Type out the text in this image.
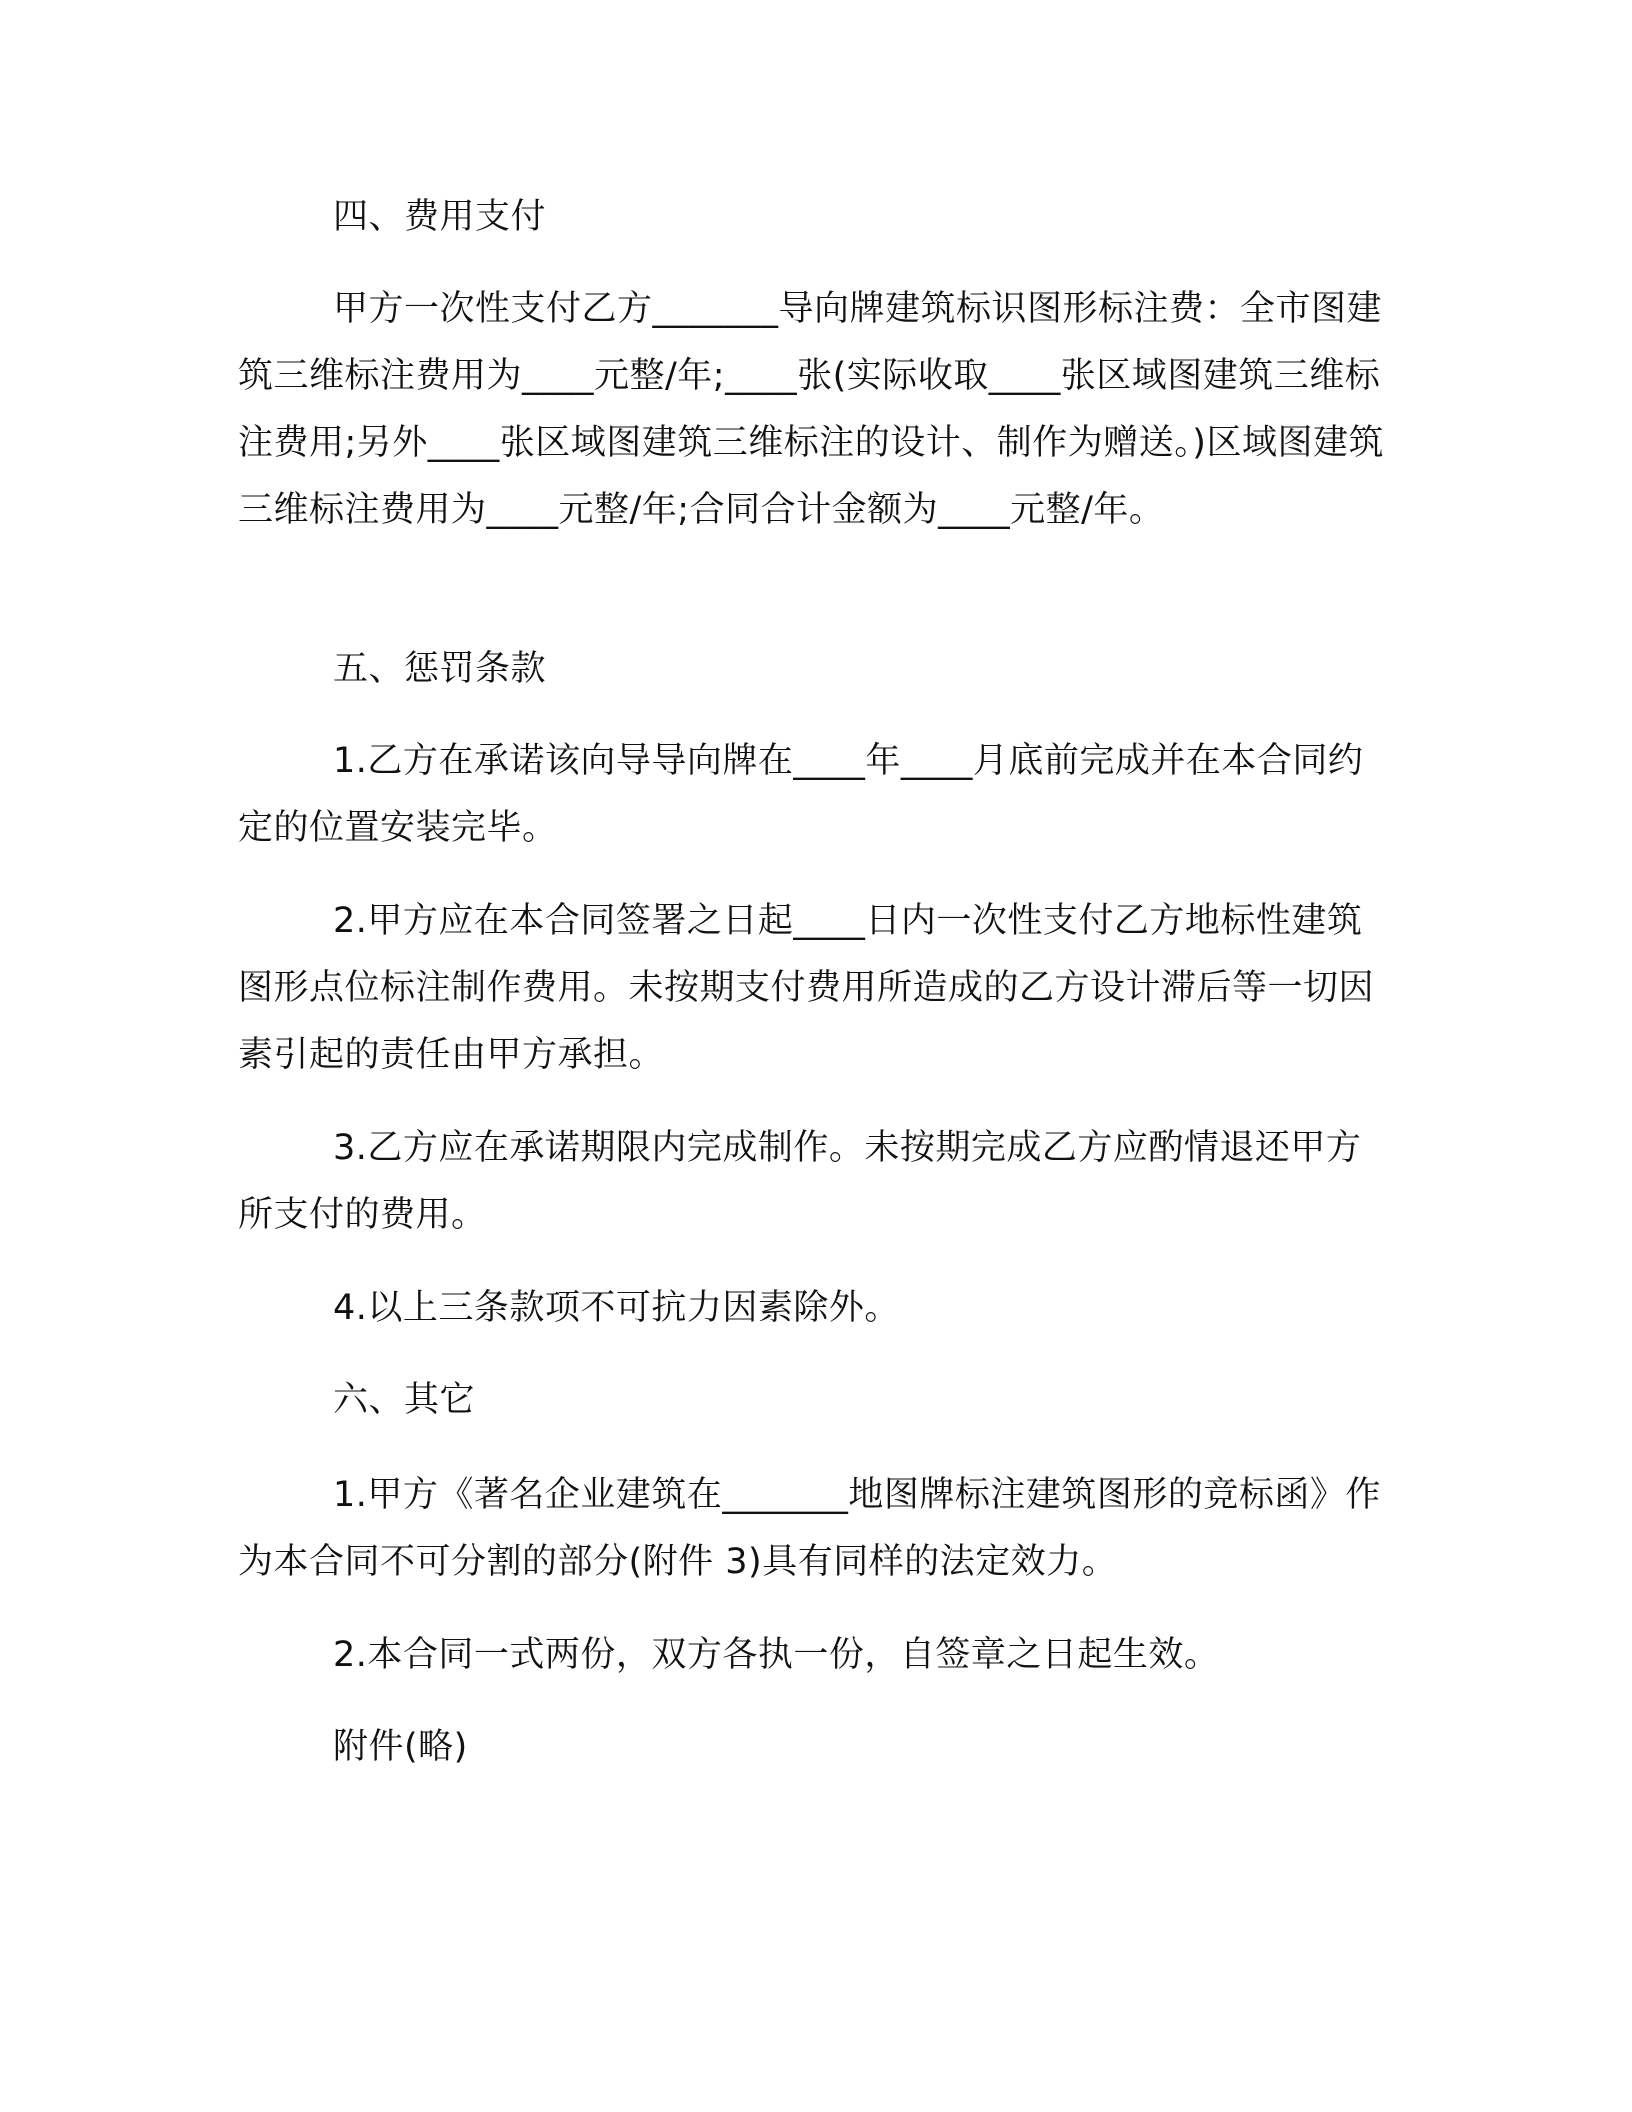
四、费用支付

甲方一次性支付乙方_______导向牌建筑标识图形标注费：全市图建筑三维标注费用为____元整/年;____张(实际收取____张区域图建筑三维标注费用;另外____张区域图建筑三维标注的设计、制作为赠送。)区域图建筑三维标注费用为____元整/年;合同合计金额为____元整/年。

五、惩罚条款

1.乙方在承诺该向导导向牌在____年____月底前完成并在本合同约定的位置安装完毕。

2.甲方应在本合同签署之日起____日内一次性支付乙方地标性建筑图形点位标注制作费用。未按期支付费用所造成的乙方设计滞后等一切因素引起的责任由甲方承担。

3.乙方应在承诺期限内完成制作。未按期完成乙方应酌情退还甲方所支付的费用。

4.以上三条款项不可抗力因素除外。

六、其它

1.甲方《著名企业建筑在_______地图牌标注建筑图形的竞标函》作为本合同不可分割的部分(附件 3)具有同样的法定效力。

2.本合同一式两份，双方各执一份，自签章之日起生效。

附件(略)
